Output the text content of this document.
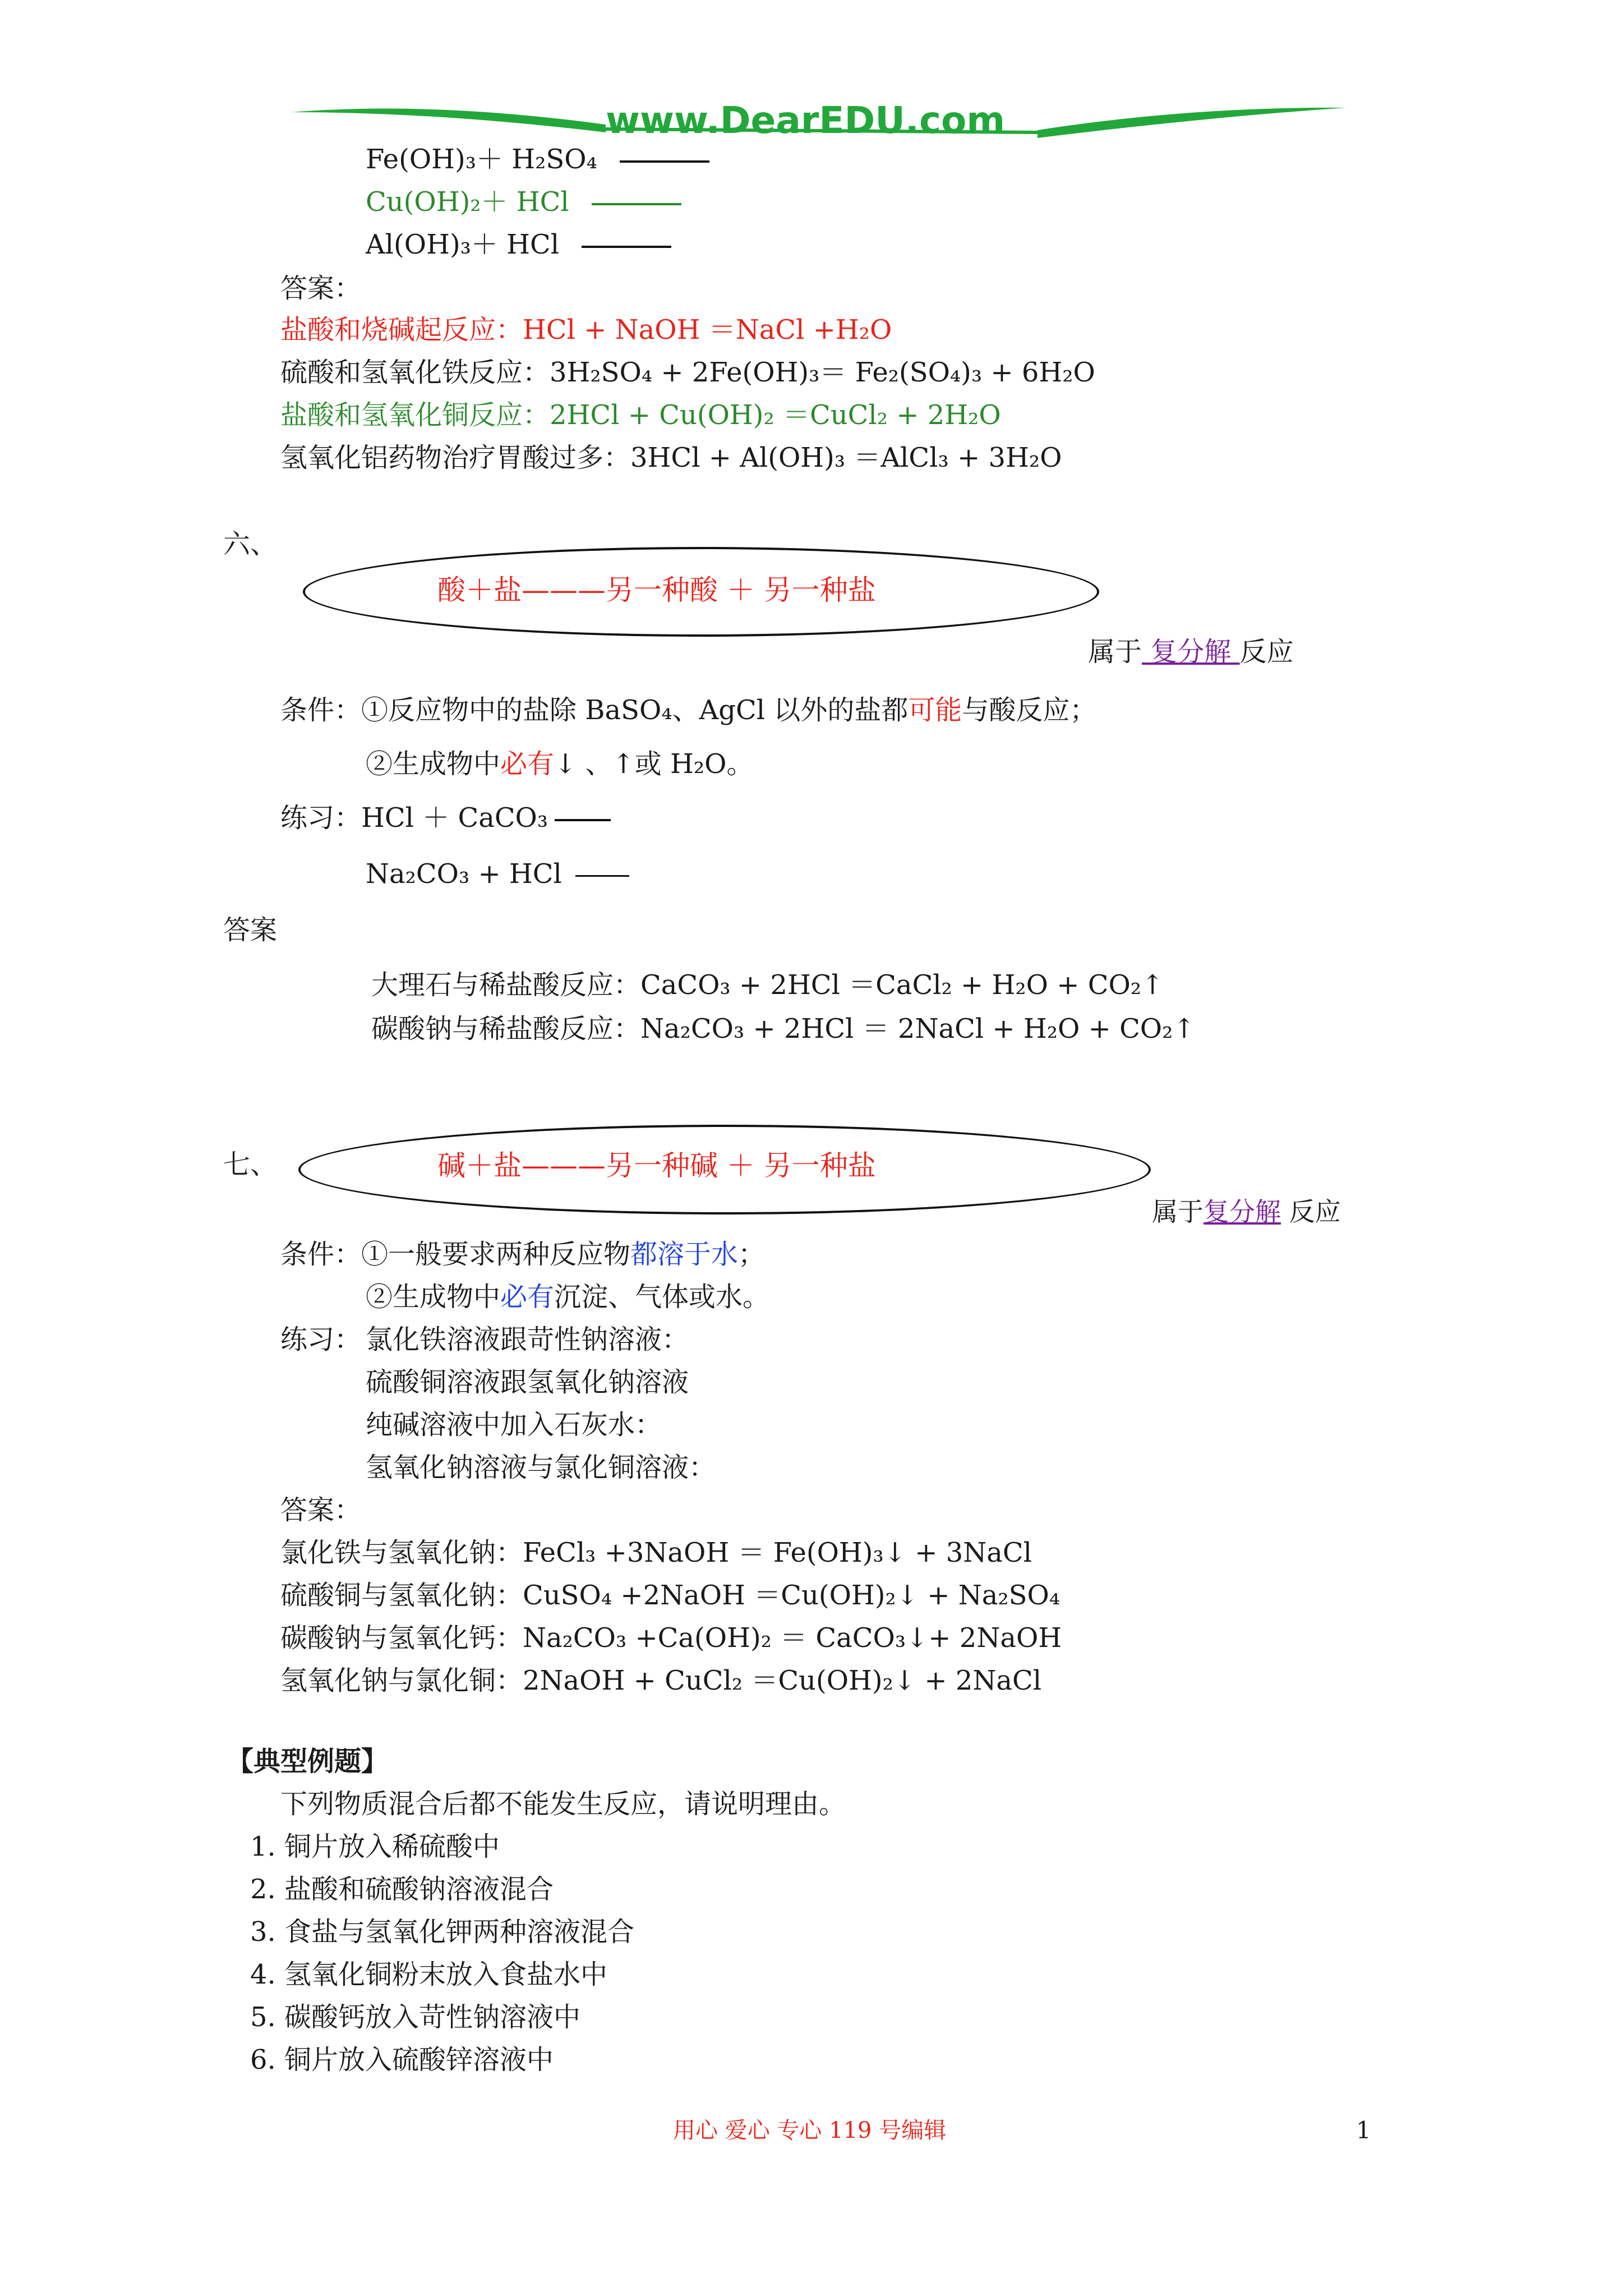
www.DearEDU.com
Fe(OH)₃＋ H₂SO₄
Cu(OH)₂＋ HCl
Al(OH)₃＋ HCl
答案：
盐酸和烧碱起反应：HCl + NaOH ＝NaCl +H₂O
硫酸和氢氧化铁反应：3H₂SO₄ + 2Fe(OH)₃＝ Fe₂(SO₄)₃ + 6H₂O
盐酸和氢氧化铜反应：2HCl + Cu(OH)₂ ＝CuCl₂ + 2H₂O
氢氧化铝药物治疗胃酸过多：3HCl + Al(OH)₃ ＝AlCl₃ + 3H₂O
六、
酸＋盐———另一种酸 ＋ 另一种盐
属于 复分解 反应
条件：①反应物中的盐除 BaSO₄、AgCl 以外的盐都可能与酸反应；
②生成物中必有↓ 、↑或 H₂O。
练习：HCl ＋ CaCO₃
Na₂CO₃ + HCl
答案
大理石与稀盐酸反应：CaCO₃ + 2HCl ＝CaCl₂ + H₂O + CO₂↑
碳酸钠与稀盐酸反应：Na₂CO₃ + 2HCl ＝ 2NaCl + H₂O + CO₂↑
七、	碱＋盐———另一种碱 ＋ 另一种盐
属于复分解 反应
条件：①一般要求两种反应物都溶于水；
②生成物中必有沉淀、气体或水。
练习： 氯化铁溶液跟苛性钠溶液：
硫酸铜溶液跟氢氧化钠溶液
纯碱溶液中加入石灰水：
氢氧化钠溶液与氯化铜溶液：
答案：
氯化铁与氢氧化钠：FeCl₃ +3NaOH ＝ Fe(OH)₃↓ + 3NaCl
硫酸铜与氢氧化钠：CuSO₄ +2NaOH ＝Cu(OH)₂↓ + Na₂SO₄
碳酸钠与氢氧化钙：Na₂CO₃ +Ca(OH)₂ ＝ CaCO₃↓+ 2NaOH
氢氧化钠与氯化铜：2NaOH + CuCl₂ ＝Cu(OH)₂↓ + 2NaCl
【典型例题】
下列物质混合后都不能发生反应，请说明理由。
1. 铜片放入稀硫酸中
2. 盐酸和硫酸钠溶液混合
3. 食盐与氢氧化钾两种溶液混合
4. 氢氧化铜粉末放入食盐水中
5. 碳酸钙放入苛性钠溶液中
6. 铜片放入硫酸锌溶液中
用心 爱心 专心 119 号编辑	1
